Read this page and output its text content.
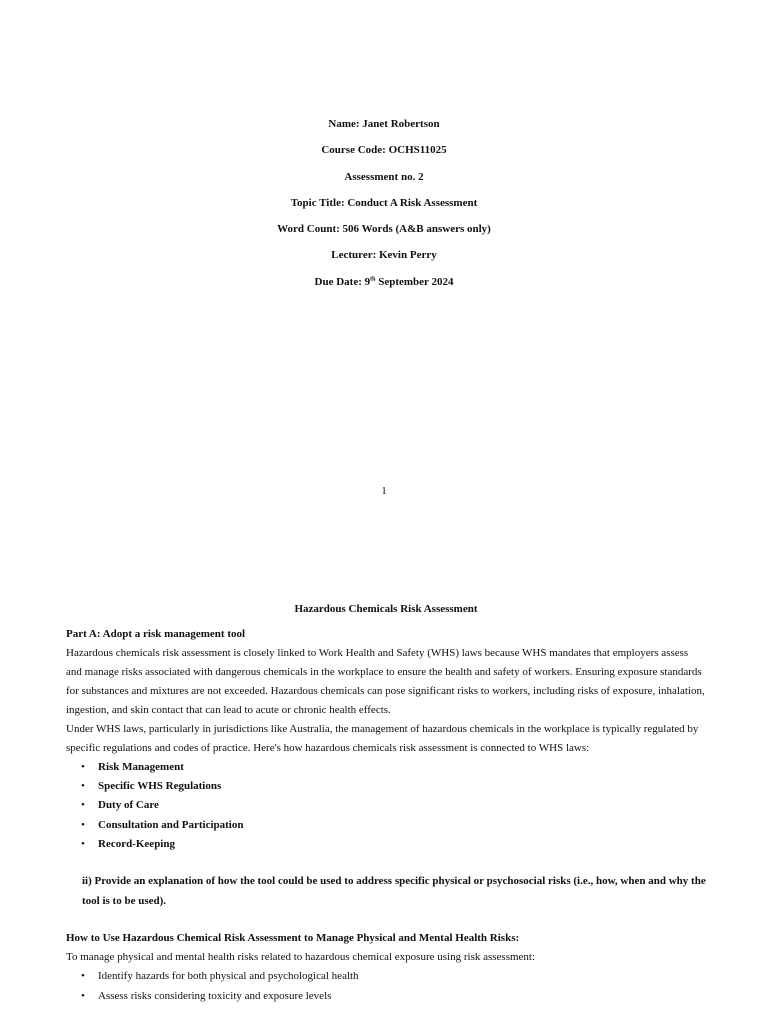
Name: Janet Robertson
Course Code: OCHS11025
Assessment no. 2
Topic Title: Conduct A Risk Assessment
Word Count: 506 Words (A&B answers only)
Lecturer: Kevin Perry
Due Date: 9th September 2024
1
Hazardous Chemicals Risk Assessment
Part A: Adopt a risk management tool

Hazardous chemicals risk assessment is closely linked to Work Health and Safety (WHS) laws because WHS mandates that employers assess and manage risks associated with dangerous chemicals in the workplace to ensure the health and safety of workers. Ensuring exposure standards for substances and mixtures are not exceeded. Hazardous chemicals can pose significant risks to workers, including risks of exposure, inhalation, ingestion, and skin contact that can lead to acute or chronic health effects.

Under WHS laws, particularly in jurisdictions like Australia, the management of hazardous chemicals in the workplace is typically regulated by specific regulations and codes of practice. Here's how hazardous chemicals risk assessment is connected to WHS laws:

• Risk Management
• Specific WHS Regulations
• Duty of Care
• Consultation and Participation
• Record-Keeping

ii) Provide an explanation of how the tool could be used to address specific physical or psychosocial risks (i.e., how, when and why the tool is to be used).

How to Use Hazardous Chemical Risk Assessment to Manage Physical and Mental Health Risks:

To manage physical and mental health risks related to hazardous chemical exposure using risk assessment:

• Identify hazards for both physical and psychological health
• Assess risks considering toxicity and exposure levels
